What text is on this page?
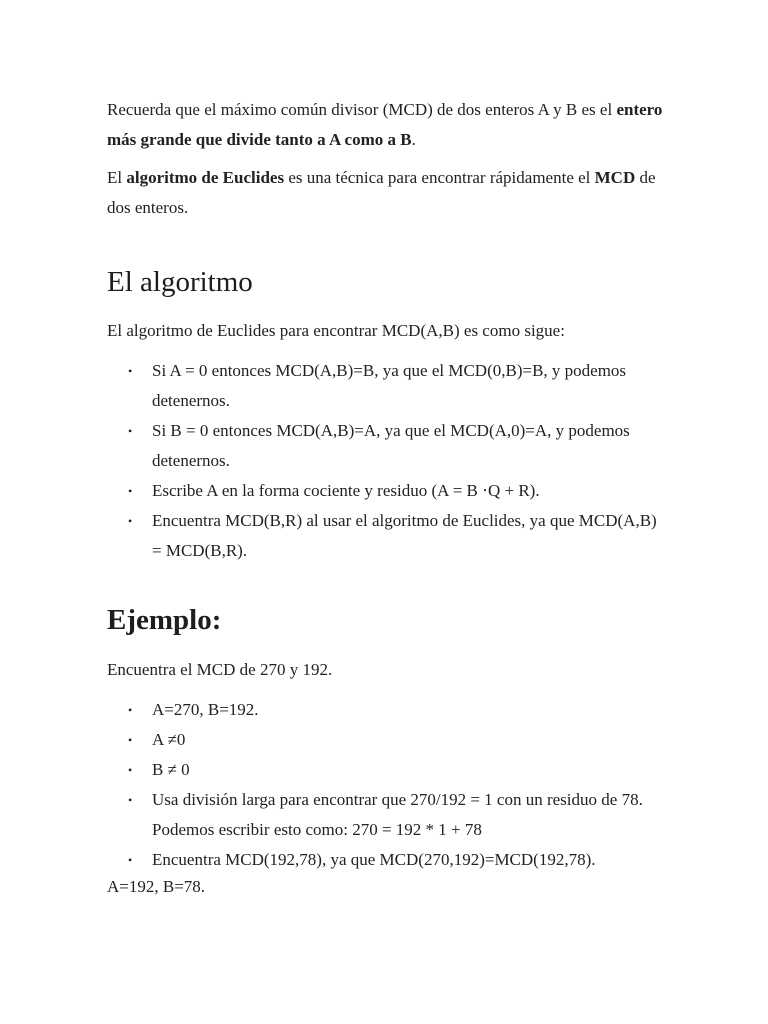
Recuerda que el máximo común divisor (MCD) de dos enteros A y B es el entero más grande que divide tanto a A como a B.

El algoritmo de Euclides es una técnica para encontrar rápidamente el MCD de dos enteros.

El algoritmo

El algoritmo de Euclides para encontrar MCD(A,B) es como sigue:

• Si A = 0 entonces MCD(A,B)=B, ya que el MCD(0,B)=B, y podemos detenernos.
• Si B = 0 entonces MCD(A,B)=A, ya que el MCD(A,0)=A, y podemos detenernos.
• Escribe A en la forma cociente y residuo (A = B ⋅Q + R).
• Encuentra MCD(B,R) al usar el algoritmo de Euclides, ya que MCD(A,B) = MCD(B,R).
Ejemplo:

Encuentra el MCD de 270 y 192.

• A=270, B=192.
• A ≠0
• B ≠ 0
• Usa división larga para encontrar que 270/192 = 1 con un residuo de 78. Podemos escribir esto como: 270 = 192 * 1 + 78
• Encuentra MCD(192,78), ya que MCD(270,192)=MCD(192,78).

A=192, B=78.
